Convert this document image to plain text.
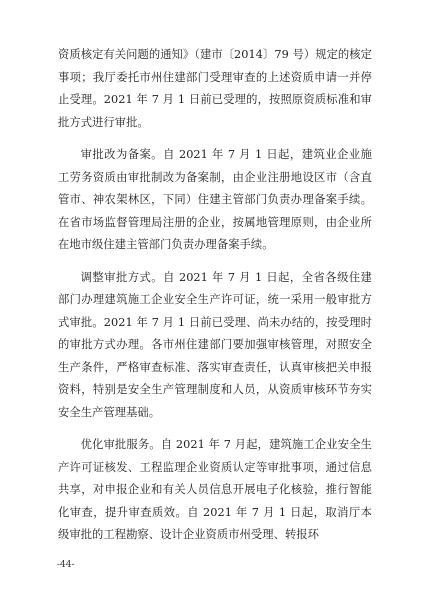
资质核定有关问题的通知》（建市〔2014〕79 号）规定的核定事项；我厅委托市州住建部门受理审查的上述资质申请一并停止受理。2021 年 7 月 1 日前已受理的，按照原资质标准和审批方式进行审批。

审批改为备案。自 2021 年 7 月 1 日起，建筑业企业施工劳务资质由审批制改为备案制，由企业注册地设区市（含直管市、神农架林区，下同）住建主管部门负责办理备案手续。在省市场监督管理局注册的企业，按属地管理原则，由企业所在地市级住建主管部门负责办理备案手续。

调整审批方式。自 2021 年 7 月 1 日起，全省各级住建部门办理建筑施工企业安全生产许可证，统一采用一般审批方式审批。2021 年 7 月 1 日前已受理、尚未办结的，按受理时的审批方式办理。各市州住建部门要加强审核管理，对照安全生产条件，严格审查标准、落实审查责任，认真审核把关申报资料，特别是安全生产管理制度和人员，从资质审核环节夯实安全生产管理基础。

优化审批服务。自 2021 年 7 月起，建筑施工企业安全生产许可证核发、工程监理企业资质认定等审批事项，通过信息共享，对申报企业和有关人员信息开展电子化核验，推行智能化审查，提升审查质效。自 2021 年 7 月 1 日起，取消厅本级审批的工程勘察、设计企业资质市州受理、转报环

-44-
